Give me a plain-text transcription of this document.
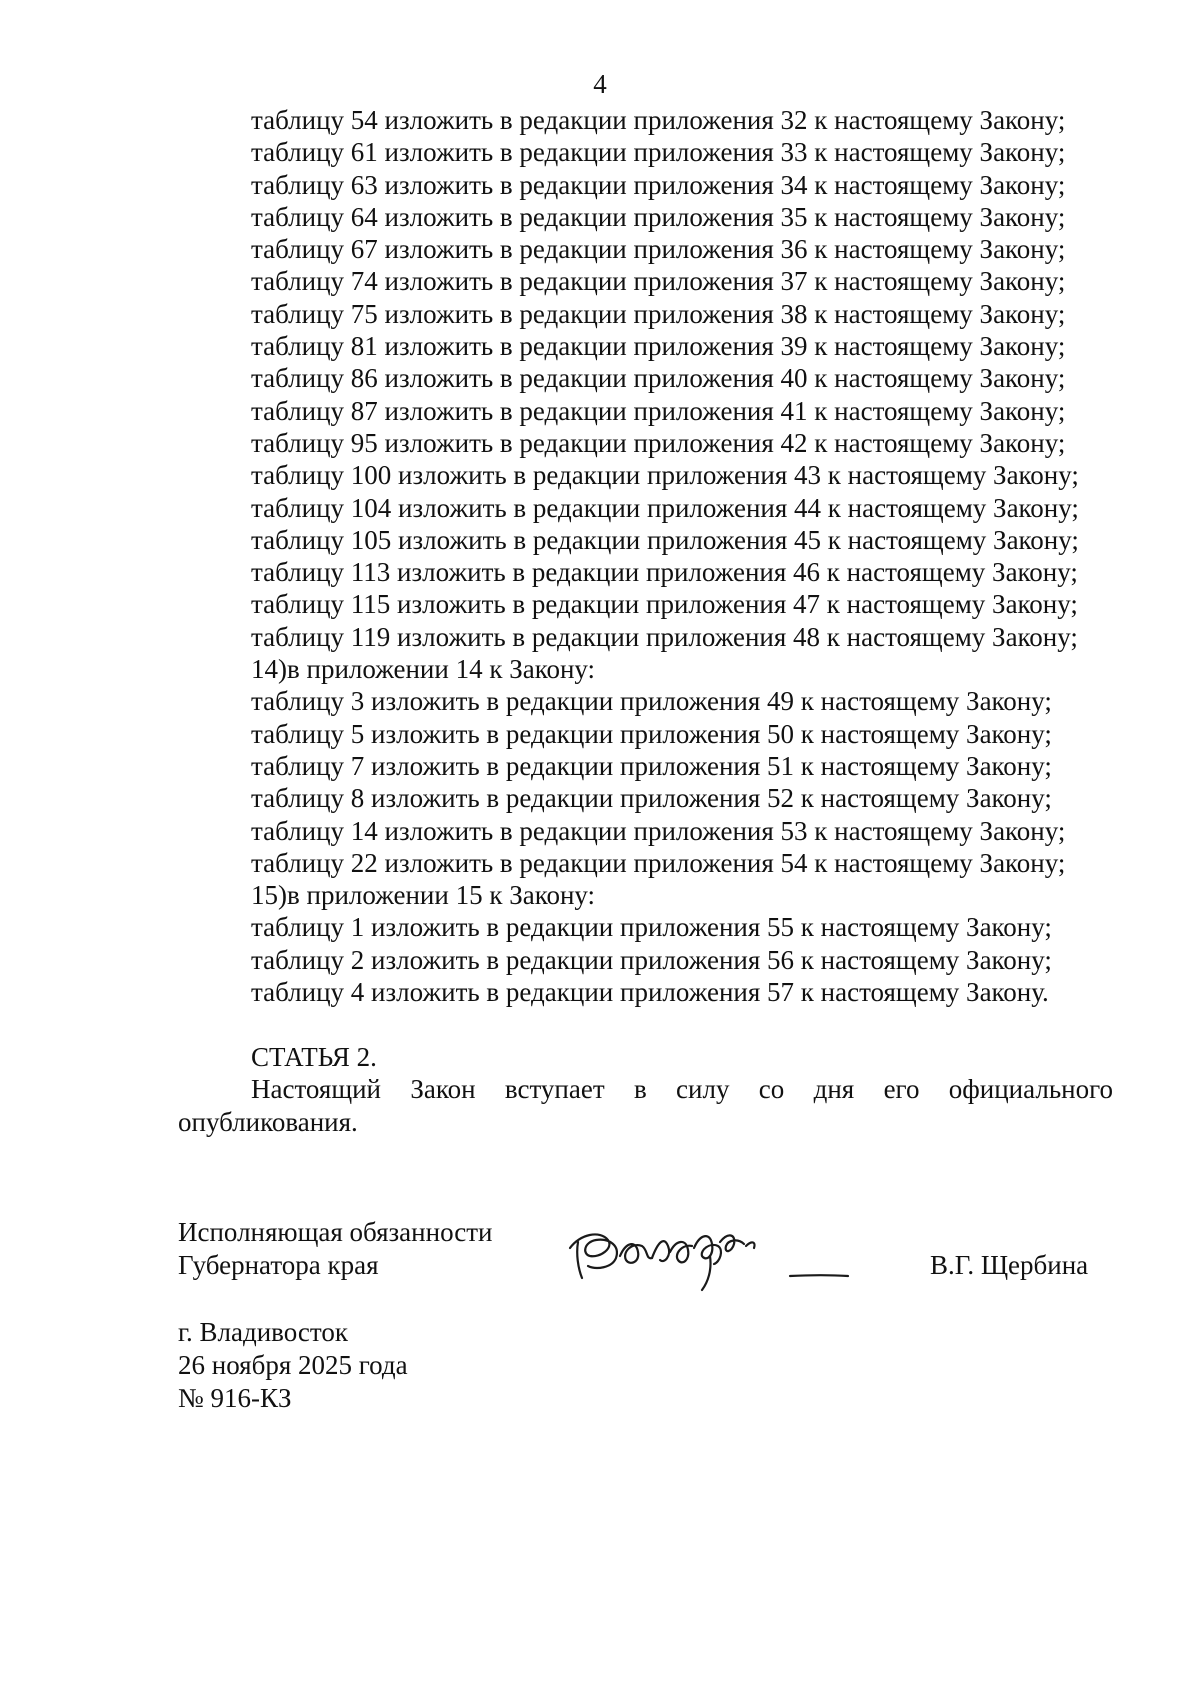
4
таблицу 54 изложить в редакции приложения 32 к настоящему Закону;
таблицу 61 изложить в редакции приложения 33 к настоящему Закону;
таблицу 63 изложить в редакции приложения 34 к настоящему Закону;
таблицу 64 изложить в редакции приложения 35 к настоящему Закону;
таблицу 67 изложить в редакции приложения 36 к настоящему Закону;
таблицу 74 изложить в редакции приложения 37 к настоящему Закону;
таблицу 75 изложить в редакции приложения 38 к настоящему Закону;
таблицу 81 изложить в редакции приложения 39 к настоящему Закону;
таблицу 86 изложить в редакции приложения 40 к настоящему Закону;
таблицу 87 изложить в редакции приложения 41 к настоящему Закону;
таблицу 95 изложить в редакции приложения 42 к настоящему Закону;
таблицу 100 изложить в редакции приложения 43 к настоящему Закону;
таблицу 104 изложить в редакции приложения 44 к настоящему Закону;
таблицу 105 изложить в редакции приложения 45 к настоящему Закону;
таблицу 113 изложить в редакции приложения 46 к настоящему Закону;
таблицу 115 изложить в редакции приложения 47 к настоящему Закону;
таблицу 119 изложить в редакции приложения 48 к настоящему Закону;
14)в приложении 14 к Закону:
таблицу 3 изложить в редакции приложения 49 к настоящему Закону;
таблицу 5 изложить в редакции приложения 50 к настоящему Закону;
таблицу 7 изложить в редакции приложения 51 к настоящему Закону;
таблицу 8 изложить в редакции приложения 52 к настоящему Закону;
таблицу 14 изложить в редакции приложения 53 к настоящему Закону;
таблицу 22 изложить в редакции приложения 54 к настоящему Закону;
15)в приложении 15 к Закону:
таблицу 1 изложить в редакции приложения 55 к настоящему Закону;
таблицу 2 изложить в редакции приложения 56 к настоящему Закону;
таблицу 4 изложить в редакции приложения 57 к настоящему Закону.
СТАТЬЯ 2.

Настоящий Закон вступает в силу со дня его официального опубликования.

Исполняющая обязанности
Губернатора края	В.Г. Щербина
г. Владивосток
26 ноября 2025 года
№ 916-КЗ
